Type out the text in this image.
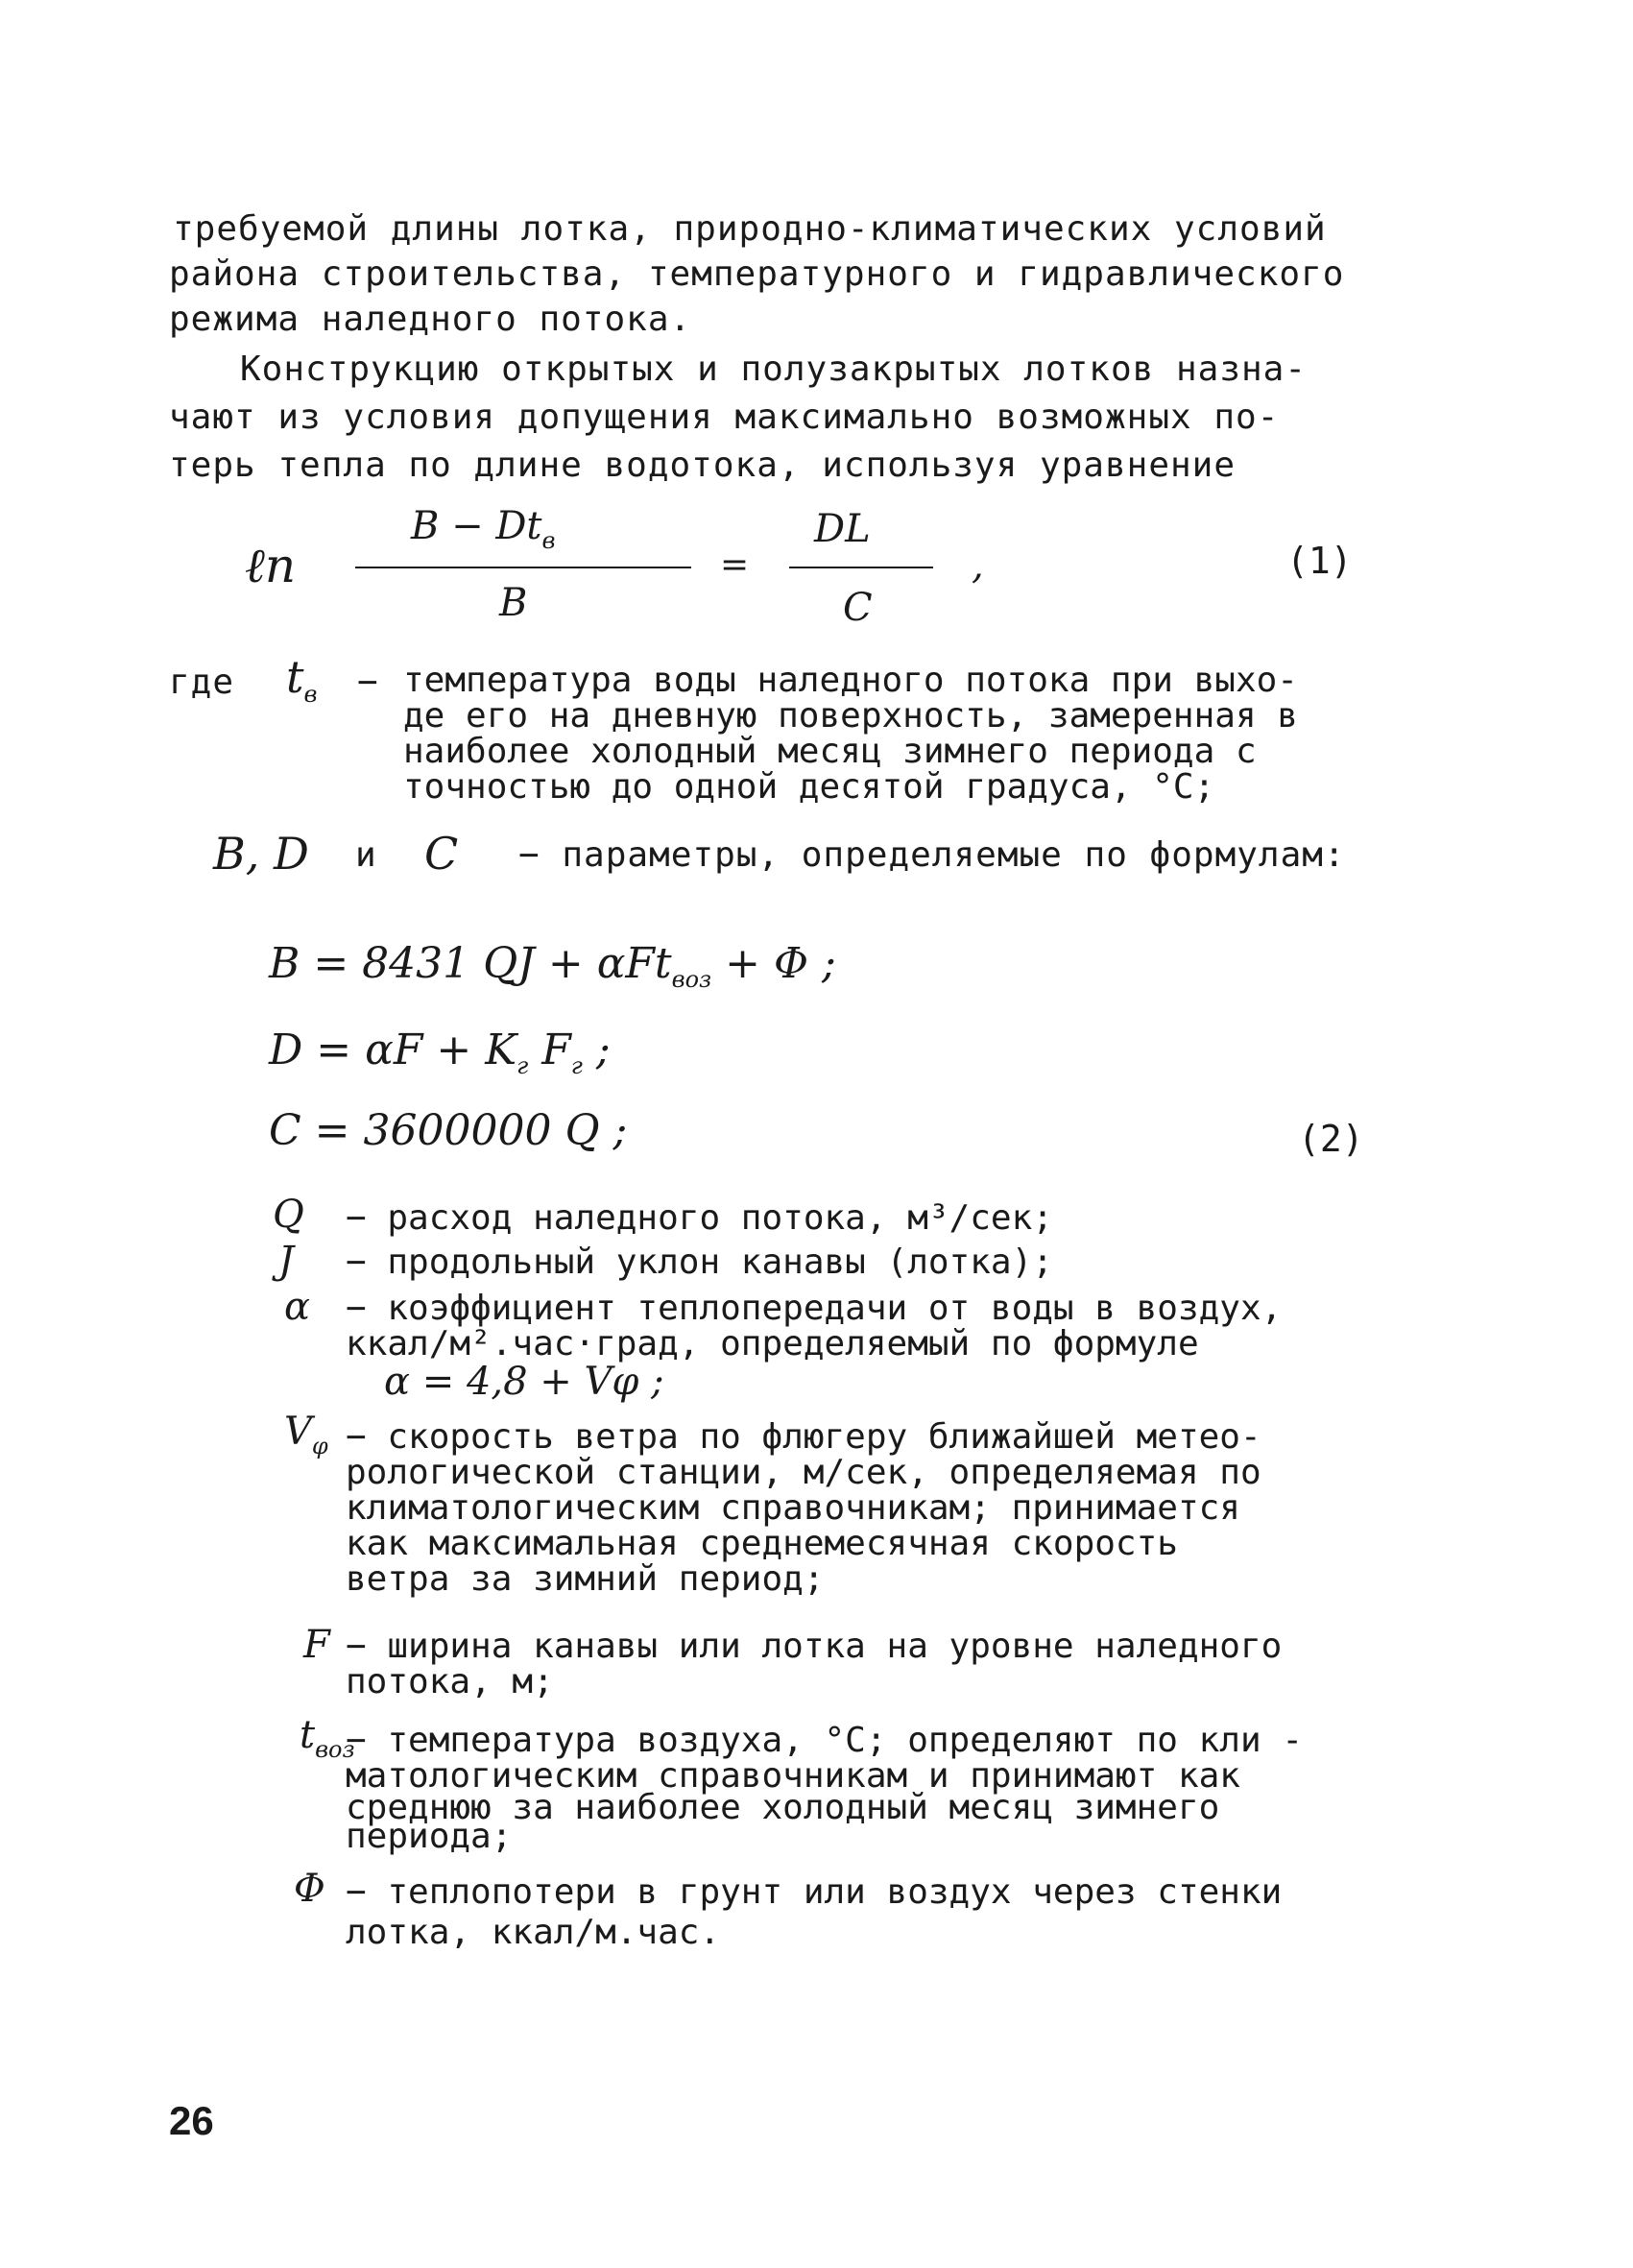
требуемой длины лотка, природно-климатических условий
района строительства, температурного и гидравлического
режима наледного потока.
Конструкцию открытых и полузакрытых лотков назна-
чают из условия допущения максимально возможных по-
терь тепла по длине водотока, используя уравнение
ℓn
$B - Dt_в$
B
=
DL
C
,	(1)
где $t_в$ − температура воды наледного потока при выхо-
де его на дневную поверхность, замеренная в
наиболее холодный месяц зимнего периода с
точностью до одной десятой градуса, °С;
B, D и C − параметры, определяемые по формулам:
B = 8431 QJ + αFt$_{воз}$ + Φ ;
$D = \alpha F + K_г$ $F_г$ ;
C = 3600000 Q ;	(2)
Q − расход наледного потока, м³/сек;
J − продольный уклон канавы (лотка);
α − коэффициент теплопередачи от воды в воздух,
ккал/м².час·град, определяемый по формуле
α = 4,8 + Vφ ;
$V_\varphi$ − скорость ветра по флюгеру ближайшей метео-
рологической станции, м/сек, определяемая по
климатологическим справочникам; принимается
как максимальная среднемесячная скорость
ветра за зимний период;
F − ширина канавы или лотка на уровне наледного
потока, м;
$t_{воз}$
− температура воздуха, °С; определяют по кли -
матологическим справочникам и принимают как
среднюю за наиболее холодный месяц зимнего
периода;
Φ − теплопотери в грунт или воздух через стенки
лотка, ккал/м.час.
26
